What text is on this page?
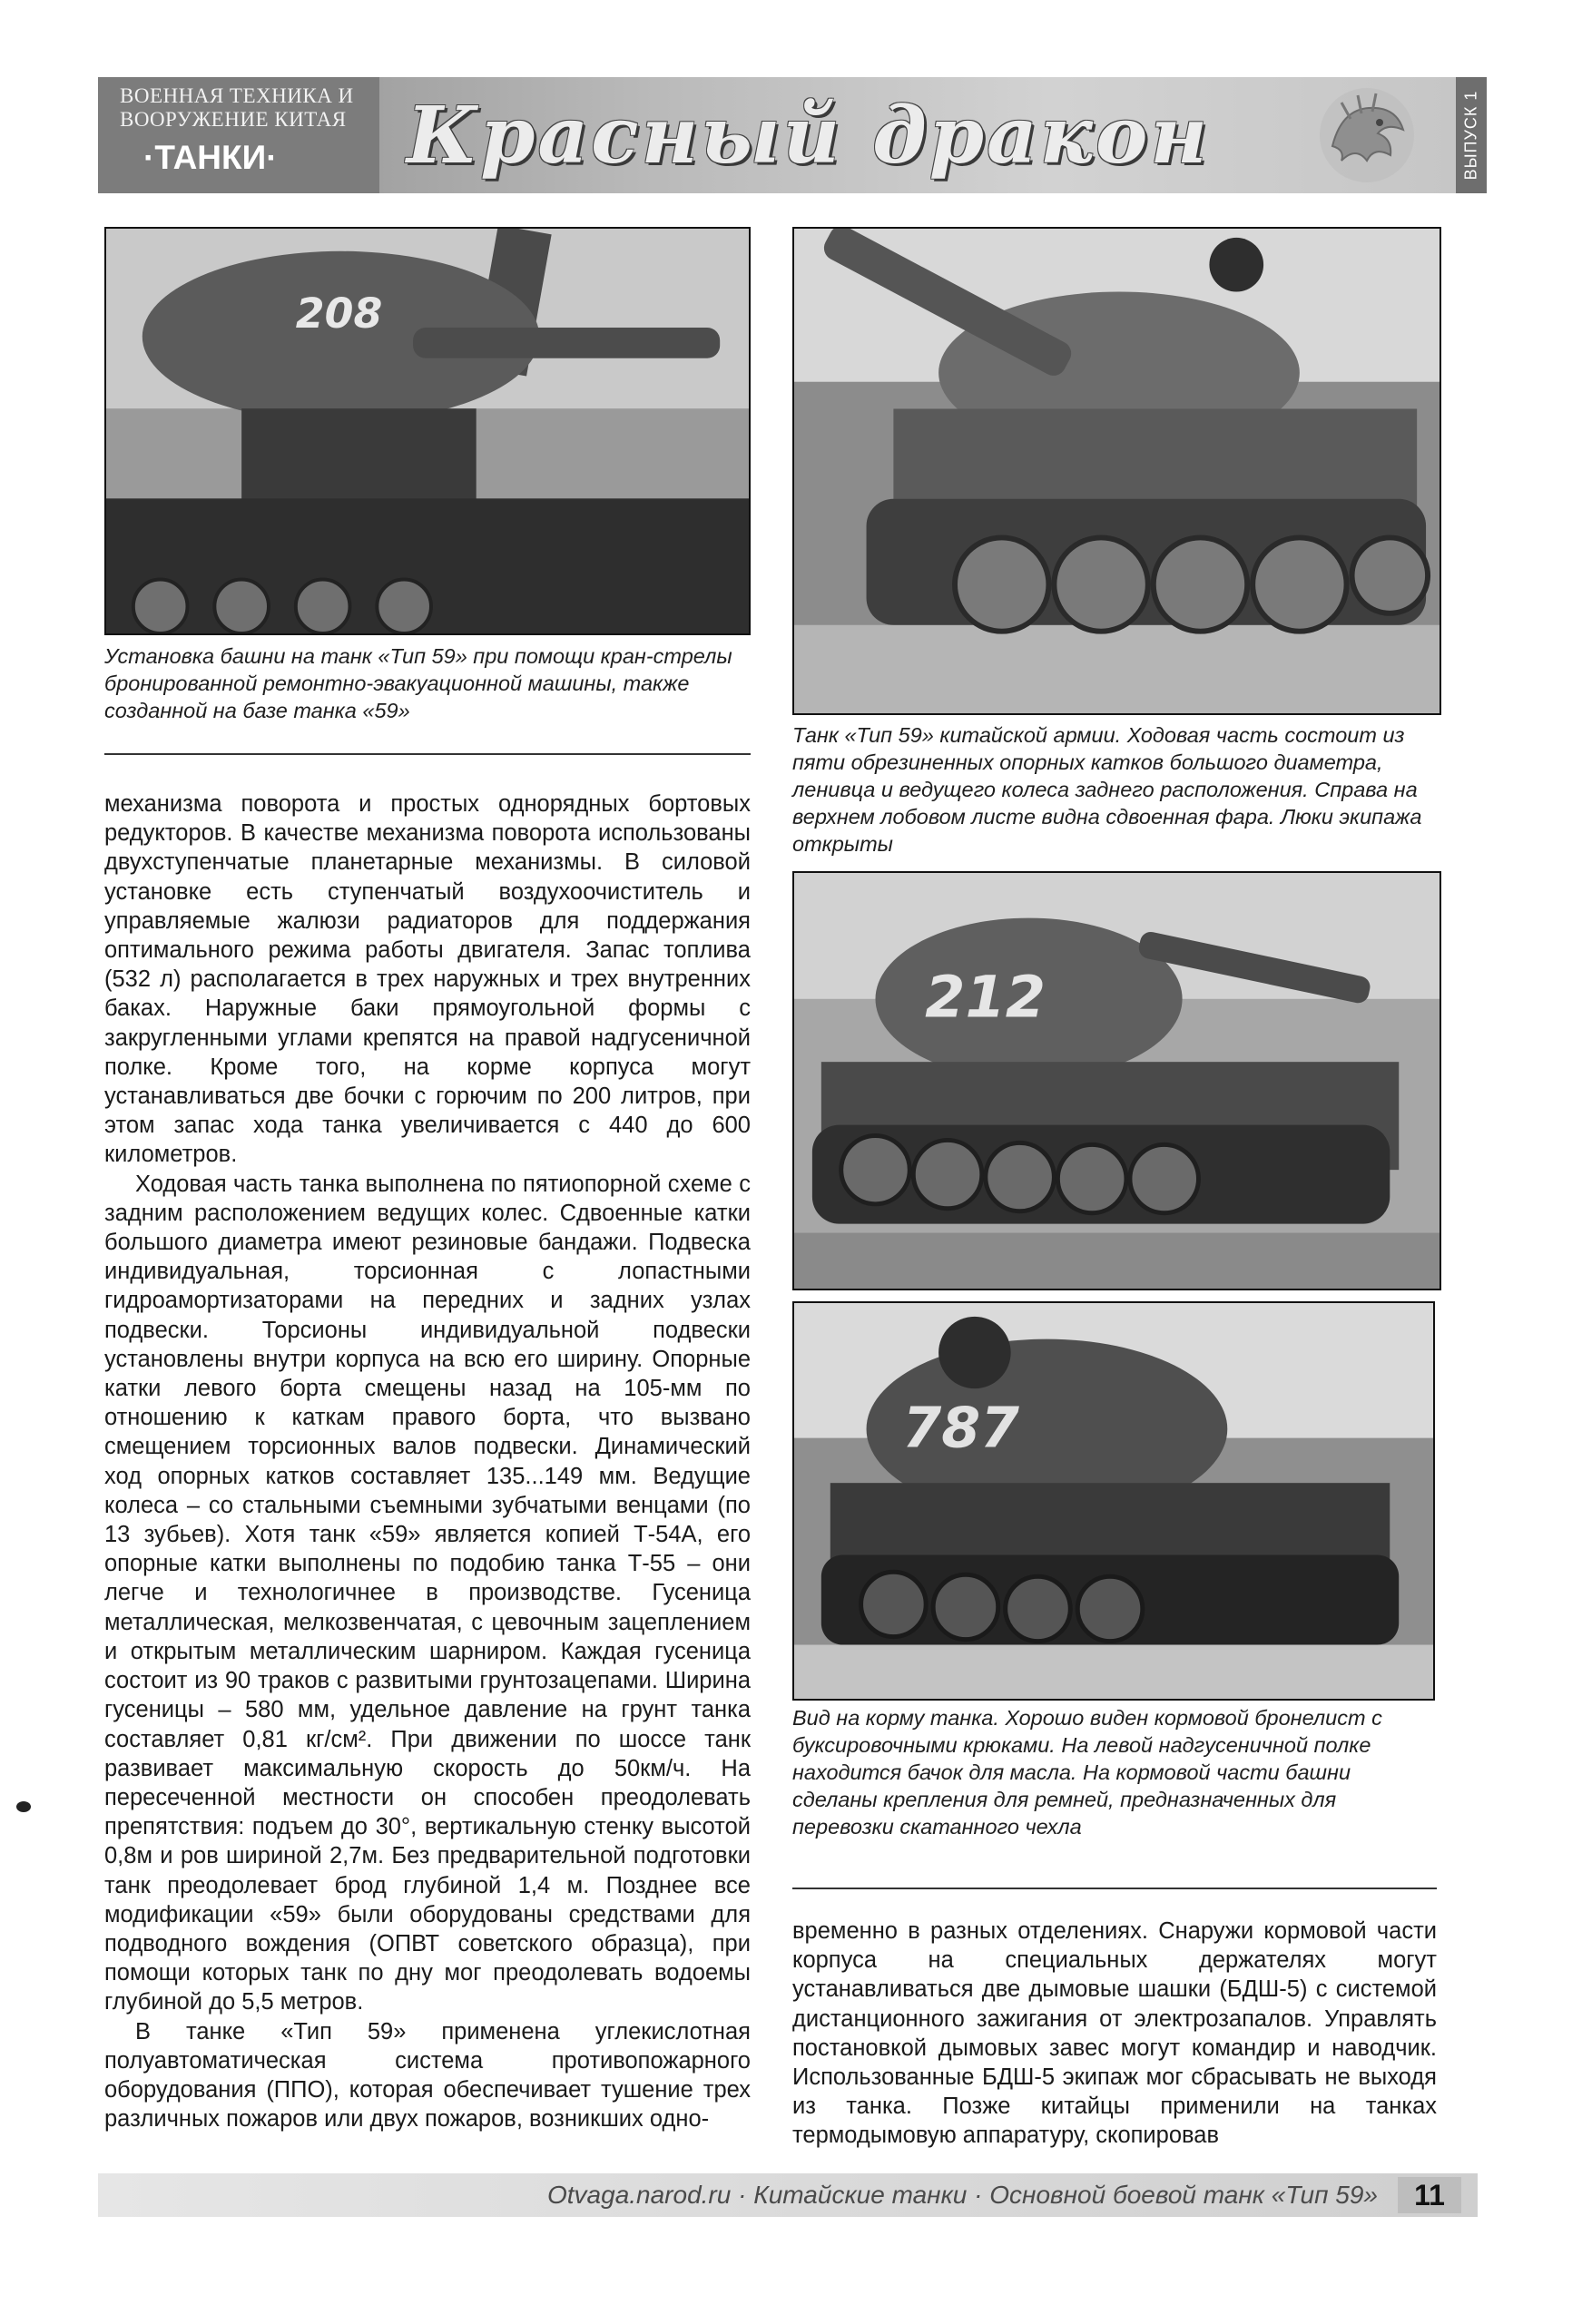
ВОЕННАЯ ТЕХНИКА И
ВООРУЖЕНИЕ КИТАЯ
·ТАНКИ· Красный дракон	ВЫПУСК 1
208
Установка башни на танк «Тип 59» при помощи кран-стрелы бронированной ремонтно-эвакуационной машины, также созданной на базе танка «59»
Танк «Тип 59» китайской армии. Ходовая часть состоит из пяти обрезиненных опорных катков большого диаметра, ленивца и ведущего колеса заднего расположения. Справа на верхнем лобовом листе видна сдвоенная фара. Люки экипажа открыты
212
787
Вид на корму танка. Хорошо виден кормовой бронелист с буксировочными крюками. На левой надгусеничной полке находится бачок для масла. На кормовой части башни сделаны крепления для ремней, предназначенных для перевозки скатанного чехла

механизма поворота и простых однорядных бортовых редукторов. В качестве механизма поворота использованы двухступенчатые планетарные механизмы. В силовой установке есть ступенчатый воздухоочиститель и управляемые жалюзи радиаторов для поддержания оптимального режима работы двигателя. Запас топлива (532 л) располагается в трех наружных и трех внутренних баках. Наружные баки прямоугольной формы с закругленными углами крепятся на правой надгусеничной полке. Кроме того, на корме корпуса могут устанавливаться две бочки с горючим по 200 литров, при этом запас хода танка увеличивается с 440 до 600 километров.

Ходовая часть танка выполнена по пятиопорной схеме с задним расположением ведущих колес. Сдвоенные катки большого диаметра имеют резиновые бандажи. Подвеска индивидуальная, торсионная с лопастными гидроамортизаторами на передних и задних узлах подвески. Торсионы индивидуальной подвески установлены внутри корпуса на всю его ширину. Опорные катки левого борта смещены назад на 105-мм по отношению к каткам правого борта, что вызвано смещением торсионных валов подвески. Динамический ход опорных катков составляет 135...149 мм. Ведущие колеса – со стальными съемными зубчатыми венцами (по 13 зубьев). Хотя танк «59» является копией Т-54А, его опорные катки выполнены по подобию танка Т-55 – они легче и технологичнее в производстве. Гусеница металлическая, мелкозвенчатая, с цевочным зацеплением и открытым металлическим шарниром. Каждая гусеница состоит из 90 траков с развитыми грунтозацепами. Ширина гусеницы – 580 мм, удельное давление на грунт танка составляет 0,81 кг/см². При движении по шоссе танк развивает максимальную скорость до 50км/ч. На пересеченной местности он способен преодолевать препятствия: подъем до 30°, вертикальную стенку высотой 0,8м и ров шириной 2,7м. Без предварительной подготовки танк преодолевает брод глубиной 1,4 м. Позднее все модификации «59» были оборудованы средствами для подводного вождения (ОПВТ советского образца), при помощи которых танк по дну мог преодолевать водоемы глубиной до 5,5 метров.

В танке «Тип 59» применена углекислотная полуавтоматическая система противопожарного оборудования (ППО), которая обеспечивает тушение трех различных пожаров или двух пожаров, возникших одно-

временно в разных отделениях. Снаружи кормовой части корпуса на специальных держателях могут устанавливаться две дымовые шашки (БДШ-5) с системой дистанционного зажигания от электрозапалов. Управлять постановкой дымовых завес могут командир и наводчик. Использованные БДШ-5 экипаж мог сбрасывать не выходя из танка. Позже китайцы применили на танках термодымовую аппаратуру, скопировав

Otvaga.narod.ru · Китайские танки · Основной боевой танк «Тип 59»	11
